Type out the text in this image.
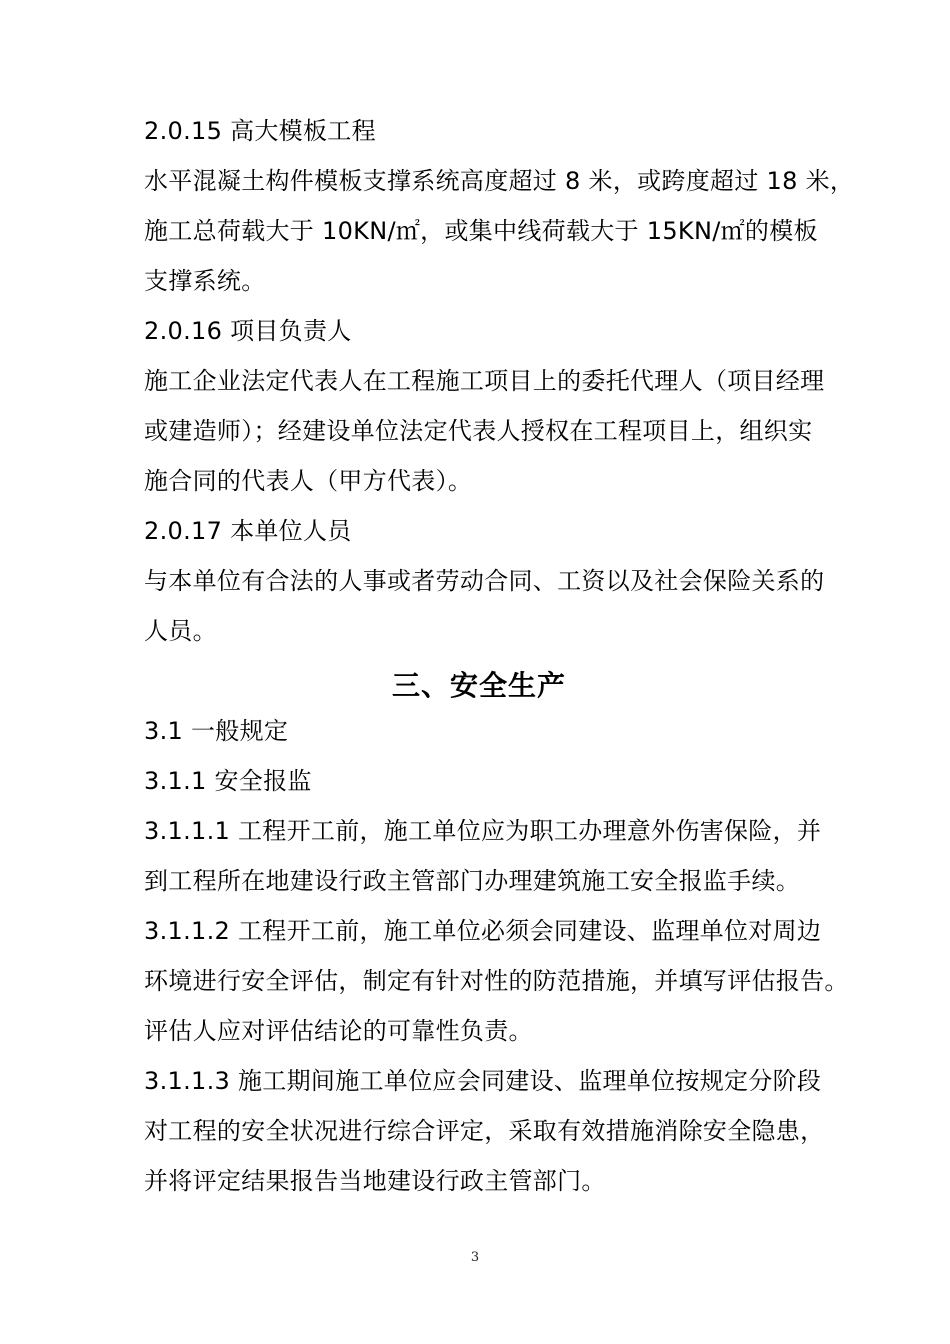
2.0.15 高大模板工程
水平混凝土构件模板支撑系统高度超过 8 米，或跨度超过 18 米，
施工总荷载大于 10KN/㎡，或集中线荷载大于 15KN/㎡的模板
支撑系统。
2.0.16 项目负责人
施工企业法定代表人在工程施工项目上的委托代理人（项目经理
或建造师）；经建设单位法定代表人授权在工程项目上，组织实
施合同的代表人（甲方代表）。
2.0.17 本单位人员
与本单位有合法的人事或者劳动合同、工资以及社会保险关系的
人员。
三、安全生产
3.1 一般规定
3.1.1 安全报监
3.1.1.1 工程开工前，施工单位应为职工办理意外伤害保险，并
到工程所在地建设行政主管部门办理建筑施工安全报监手续。
3.1.1.2 工程开工前，施工单位必须会同建设、监理单位对周边
环境进行安全评估，制定有针对性的防范措施，并填写评估报告。
评估人应对评估结论的可靠性负责。
3.1.1.3 施工期间施工单位应会同建设、监理单位按规定分阶段
对工程的安全状况进行综合评定，采取有效措施消除安全隐患，
并将评定结果报告当地建设行政主管部门。
3
